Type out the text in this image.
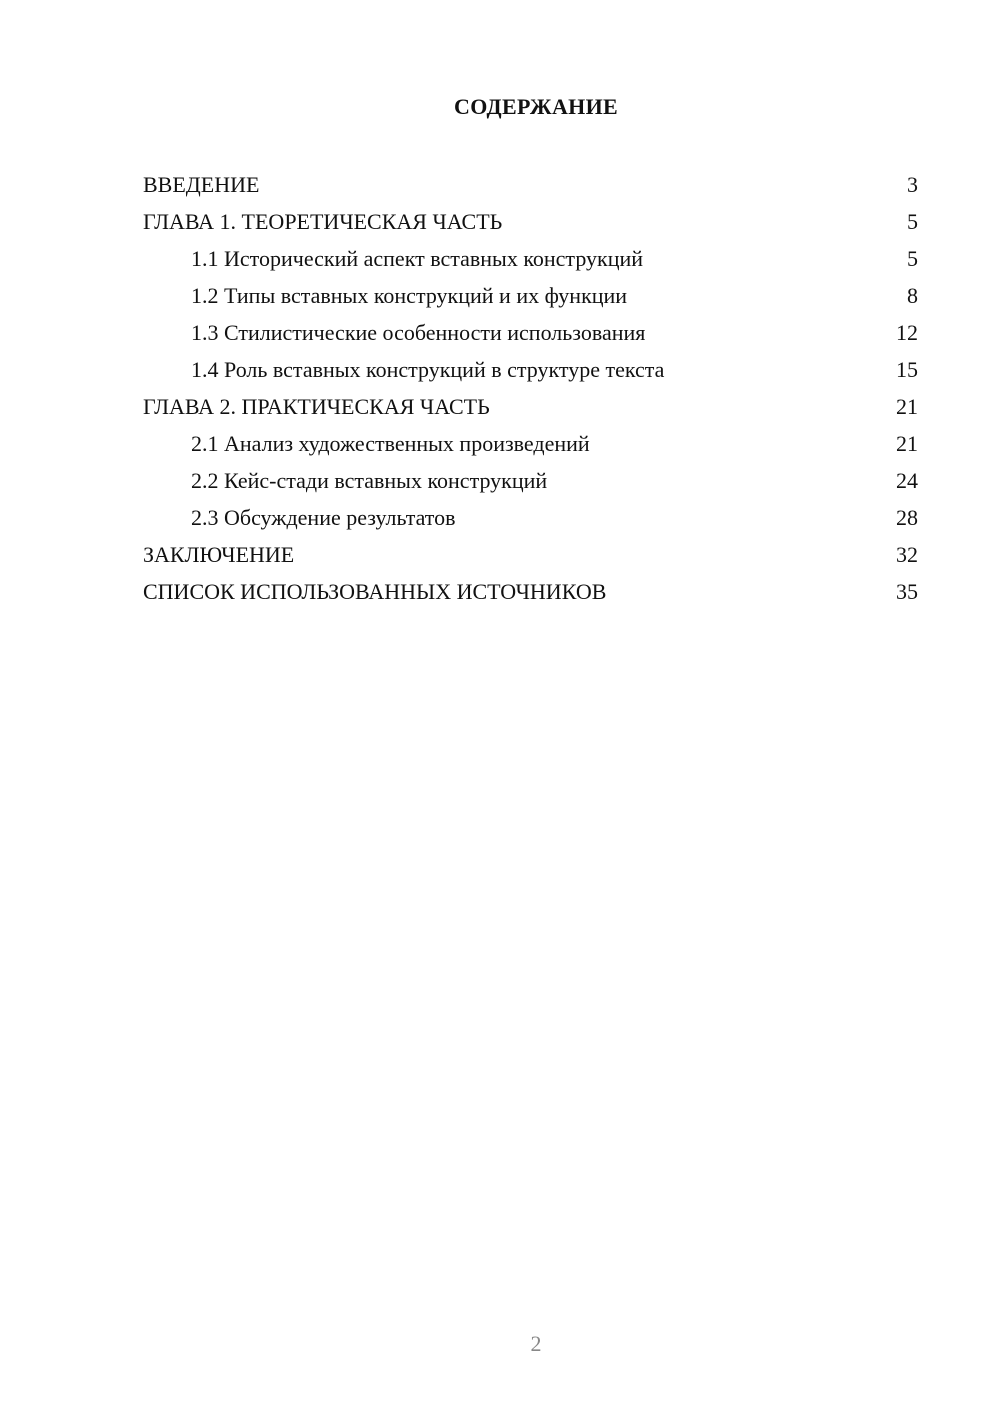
СОДЕРЖАНИЕ
ВВЕДЕНИЕ	3
ГЛАВА 1. ТЕОРЕТИЧЕСКАЯ ЧАСТЬ	5
1.1 Исторический аспект вставных конструкций	5
1.2 Типы вставных конструкций и их функции	8
1.3 Стилистические особенности использования	12
1.4 Роль вставных конструкций в структуре текста	15
ГЛАВА 2. ПРАКТИЧЕСКАЯ ЧАСТЬ	21
2.1 Анализ художественных произведений	21
2.2 Кейс-стади вставных конструкций	24
2.3 Обсуждение результатов	28
ЗАКЛЮЧЕНИЕ	32
СПИСОК ИСПОЛЬЗОВАННЫХ ИСТОЧНИКОВ	35
2
